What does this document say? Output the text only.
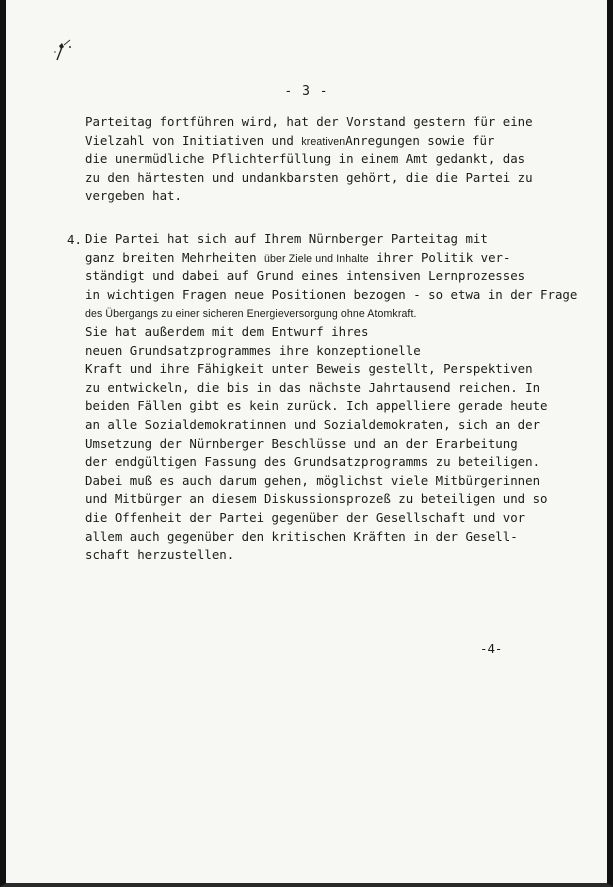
- 3 -
Parteitag fortführen wird, hat der Vorstand gestern für eine
Vielzahl von Initiativen und kreativenAnregungen sowie für
die unermüdliche Pflichterfüllung in einem Amt gedankt, das
zu den härtesten und undankbarsten gehört, die die Partei zu
vergeben hat.
4. Die Partei hat sich auf Ihrem Nürnberger Parteitag mit
ganz breiten Mehrheiten über Ziele und Inhalte ihrer Politik ver-
ständigt und dabei auf Grund eines intensiven Lernprozesses
in wichtigen Fragen neue Positionen bezogen - so etwa in der Frage
des Übergangs zu einer sicheren Energieversorgung ohne Atomkraft.
Sie hat außerdem mit dem Entwurf ihres
neuen Grundsatzprogrammes ihre konzeptionelle
Kraft und ihre Fähigkeit unter Beweis gestellt, Perspektiven
zu entwickeln, die bis in das nächste Jahrtausend reichen. In
beiden Fällen gibt es kein zurück. Ich appelliere gerade heute
an alle Sozialdemokratinnen und Sozialdemokraten, sich an der
Umsetzung der Nürnberger Beschlüsse und an der Erarbeitung
der endgültigen Fassung des Grundsatzprogramms zu beteiligen.
Dabei muß es auch darum gehen, möglichst viele Mitbürgerinnen
und Mitbürger an diesem Diskussionsprozeß zu beteiligen und so
die Offenheit der Partei gegenüber der Gesellschaft und vor
allem auch gegenüber den kritischen Kräften in der Gesell-
schaft herzustellen.
-4-
